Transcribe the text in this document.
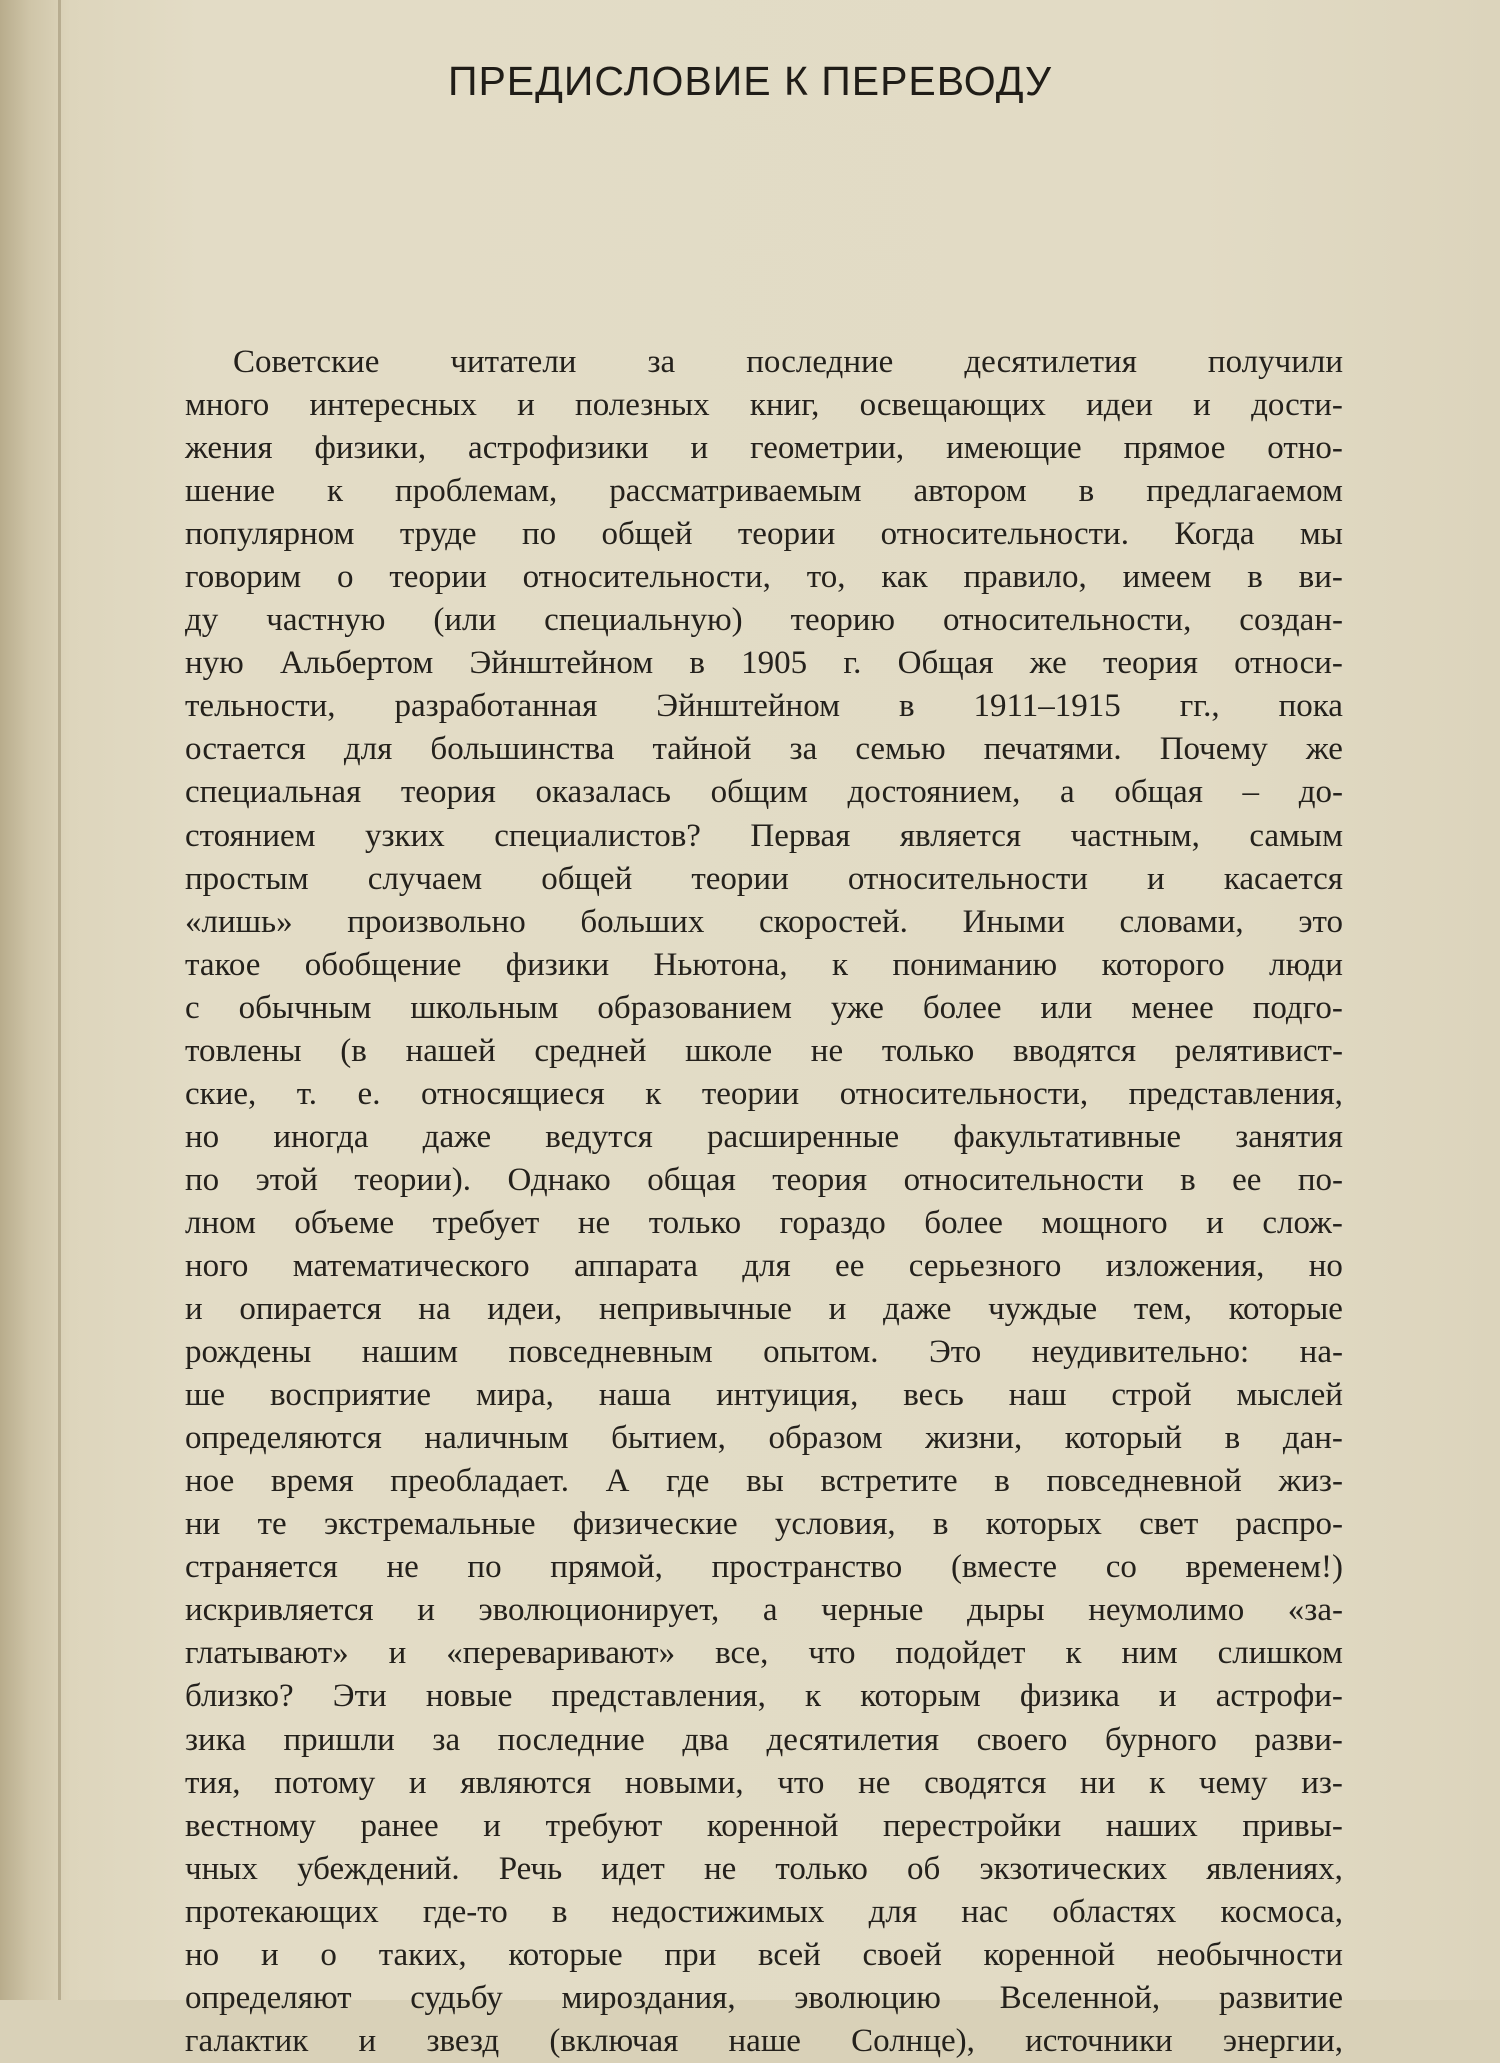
ПРЕДИСЛОВИЕ К ПЕРЕВОДУ
Советские читатели за последние десятилетия получили
много интересных и полезных книг, освещающих идеи и дости-
жения физики, астрофизики и геометрии, имеющие прямое отно-
шение к проблемам, рассматриваемым автором в предлагаемом
популярном труде по общей теории относительности. Когда мы
говорим о теории относительности, то, как правило, имеем в ви-
ду частную (или специальную) теорию относительности, создан-
ную Альбертом Эйнштейном в 1905 г. Общая же теория относи-
тельности, разработанная Эйнштейном в 1911–1915 гг., пока
остается для большинства тайной за семью печатями. Почему же
специальная теория оказалась общим достоянием, а общая – до-
стоянием узких специалистов? Первая является частным, самым
простым случаем общей теории относительности и касается
«лишь» произвольно больших скоростей. Иными словами, это
такое обобщение физики Ньютона, к пониманию которого люди
с обычным школьным образованием уже более или менее подго-
товлены (в нашей средней школе не только вводятся релятивист-
ские, т. е. относящиеся к теории относительности, представления,
но иногда даже ведутся расширенные факультативные занятия
по этой теории). Однако общая теория относительности в ее по-
лном объеме требует не только гораздо более мощного и слож-
ного математического аппарата для ее серьезного изложения, но
и опирается на идеи, непривычные и даже чуждые тем, которые
рождены нашим повседневным опытом. Это неудивительно: на-
ше восприятие мира, наша интуиция, весь наш строй мыслей
определяются наличным бытием, образом жизни, который в дан-
ное время преобладает. А где вы встретите в повседневной жиз-
ни те экстремальные физические условия, в которых свет распро-
страняется не по прямой, пространство (вместе со временем!)
искривляется и эволюционирует, а черные дыры неумолимо «за-
глатывают» и «переваривают» все, что подойдет к ним слишком
близко? Эти новые представления, к которым физика и астрофи-
зика пришли за последние два десятилетия своего бурного разви-
тия, потому и являются новыми, что не сводятся ни к чему из-
вестному ранее и требуют коренной перестройки наших привы-
чных убеждений. Речь идет не только об экзотических явлениях,
протекающих где-то в недостижимых для нас областях космоса,
но и о таких, которые при всей своей коренной необычности
определяют судьбу мироздания, эволюцию Вселенной, развитие
галактик и звезд (включая наше Солнце), источники энергии,
